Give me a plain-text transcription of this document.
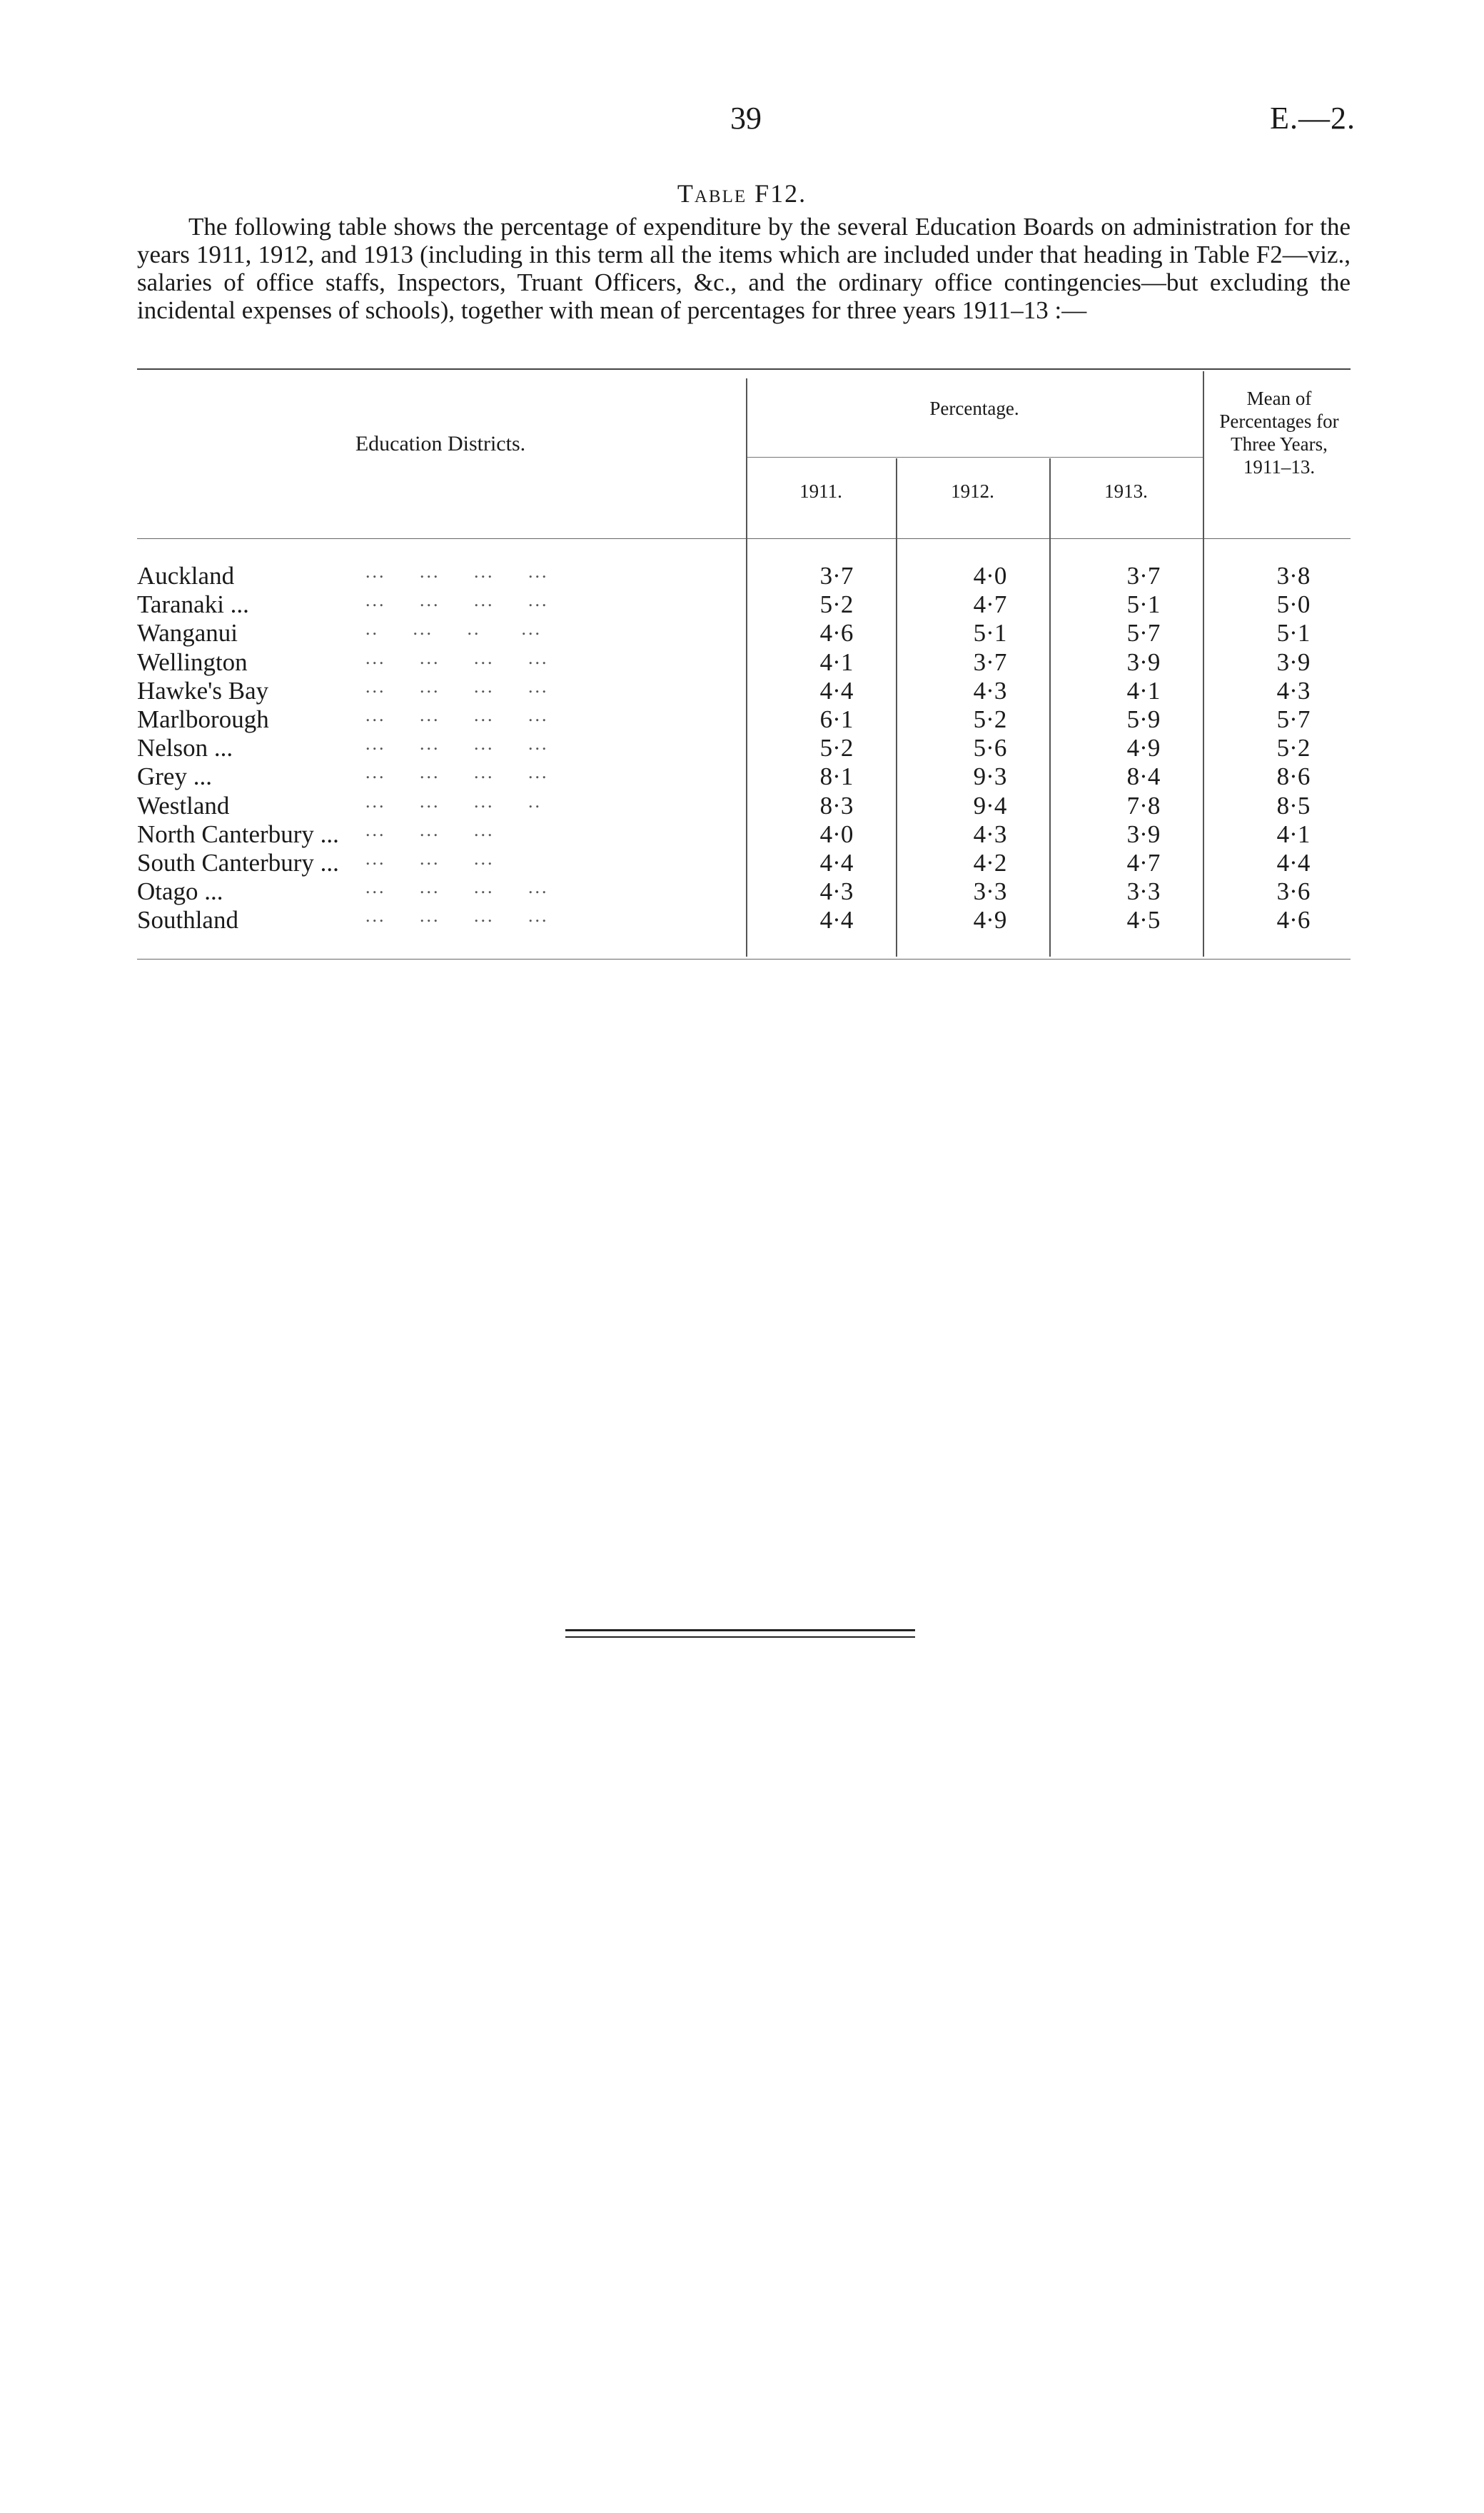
39	E.—2.
Table F12.
The following table shows the percentage of expenditure by the several Education Boards on administration for the years 1911, 1912, and 1913 (including in this term all the items which are included under that heading in Table F2—viz., salaries of office staffs, Inspectors, Truant Officers, &c., and the ordinary office contingencies—but excluding the incidental expenses of schools), together with mean of percentages for three years 1911–13 :—
Education Districts.
Percentage.
1911.	1912.	1913.
Mean of Percentages for Three Years, 1911–13.
Auckland	...     ...     ...     ...	3·7	4·0	3·7	3·8
Taranaki ...	...     ...     ...     ...	5·2	4·7	5·1	5·0
Wanganui	..     ...     ..      ...	4·6	5·1	5·7	5·1
Wellington	...     ...     ...     ...	4·1	3·7	3·9	3·9
Hawke's Bay	...     ...     ...     ...	4·4	4·3	4·1	4·3
Marlborough	...     ...     ...     ...	6·1	5·2	5·9	5·7
Nelson ...	...     ...     ...     ...	5·2	5·6	4·9	5·2
Grey ...	...     ...     ...     ...	8·1	9·3	8·4	8·6
Westland	...     ...     ...     ..	8·3	9·4	7·8	8·5
North Canterbury ... ...     ...     ...	4·0	4·3	3·9	4·1
South Canterbury ... ...     ...     ...	4·4	4·2	4·7	4·4
Otago ...	...     ...     ...     ...	4·3	3·3	3·3	3·6
Southland	...     ...     ...     ...	4·4	4·9	4·5	4·6
